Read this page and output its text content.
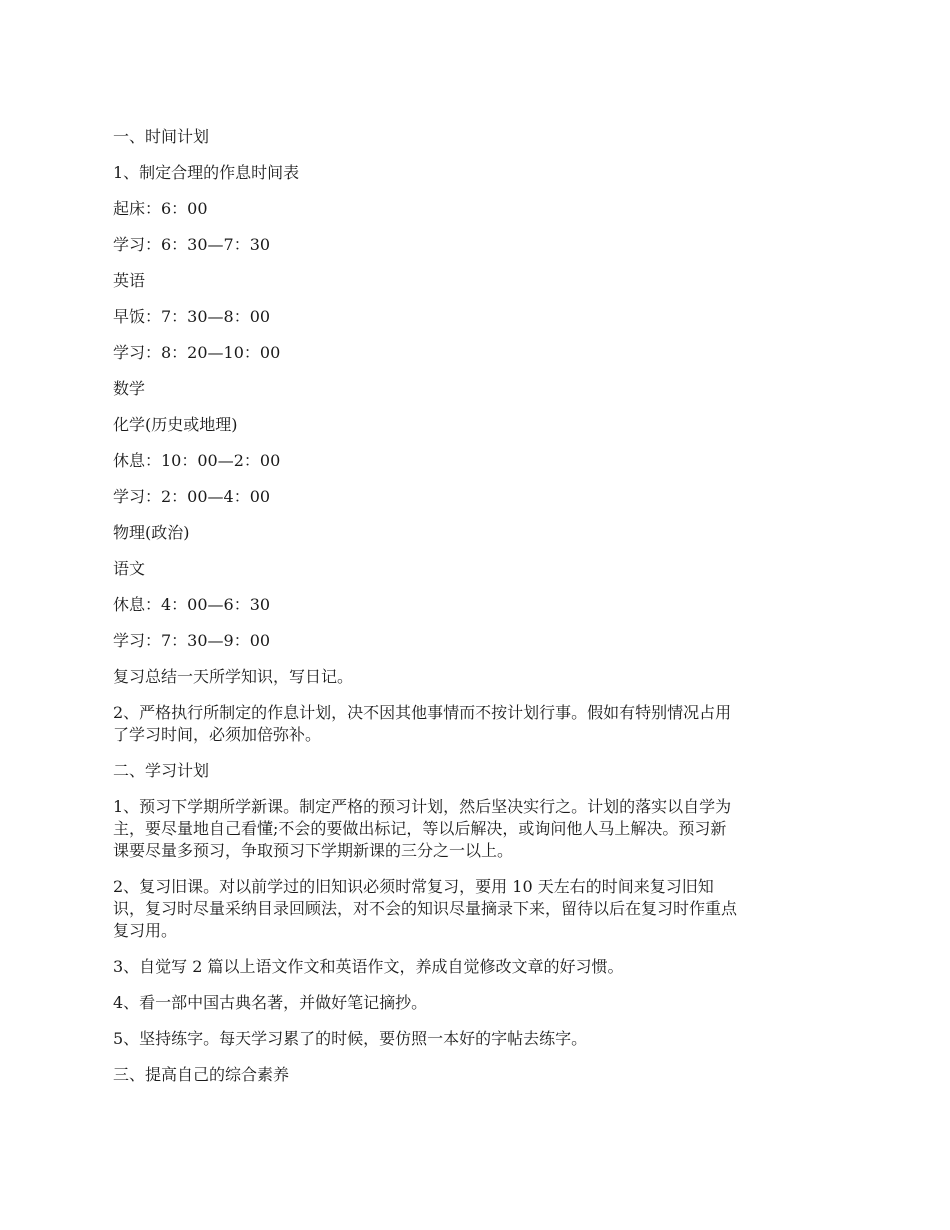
一、时间计划
1、制定合理的作息时间表
起床：6：00
学习：6：30—7：30
英语
早饭：7：30—8：00
学习：8：20—10：00
数学
化学(历史或地理)
休息：10：00—2：00
学习：2：00—4：00
物理(政治)
语文
休息：4：00—6：30
学习：7：30—9：00
复习总结一天所学知识，写日记。
2、严格执行所制定的作息计划，决不因其他事情而不按计划行事。假如有特别情况占用
了学习时间，必须加倍弥补。
二、学习计划
1、预习下学期所学新课。制定严格的预习计划，然后坚决实行之。计划的落实以自学为
主，要尽量地自己看懂;不会的要做出标记，等以后解决，或询问他人马上解决。预习新
课要尽量多预习，争取预习下学期新课的三分之一以上。
2、复习旧课。对以前学过的旧知识必须时常复习，要用 10 天左右的时间来复习旧知
识，复习时尽量采纳目录回顾法，对不会的知识尽量摘录下来，留待以后在复习时作重点
复习用。
3、自觉写 2 篇以上语文作文和英语作文，养成自觉修改文章的好习惯。
4、看一部中国古典名著，并做好笔记摘抄。
5、坚持练字。每天学习累了的时候，要仿照一本好的字帖去练字。
三、提高自己的综合素养
